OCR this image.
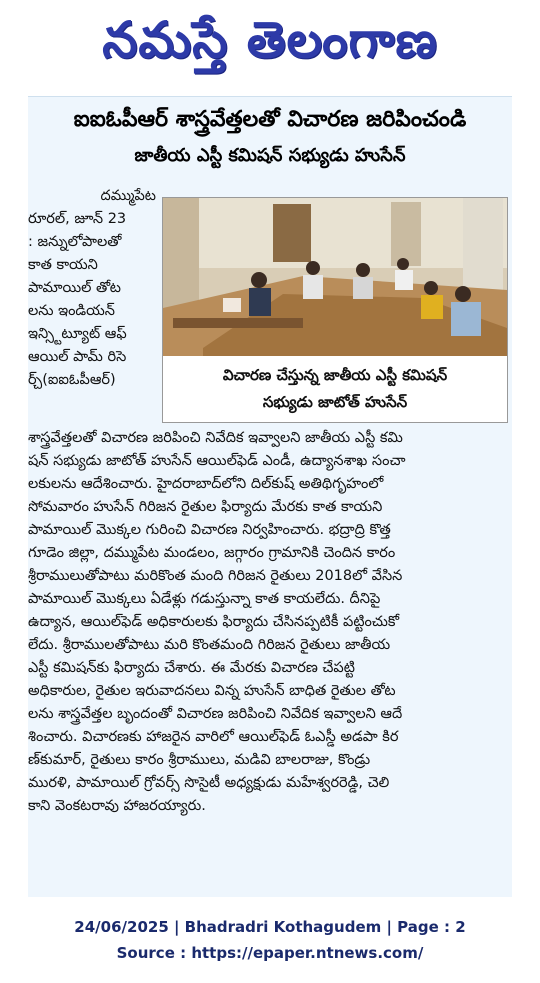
నమస్తే తెలంగాణ
ఐఐఓపీఆర్ శాస్త్రవేత్తలతో విచారణ జరిపించండి
జాతీయ ఎస్టీ కమిషన్ సభ్యుడు హుసేన్
దమ్ముపేట
రూరల్, జూన్ 23
: జన్నులోపాలతో
కాత కాయని
పామాయిల్ తోట
లను ఇండియన్
ఇన్స్టిట్యూట్ ఆఫ్
ఆయిల్ పామ్ రిసె
ర్చ్(ఐఐఓపీఆర్)	విచారణ చేస్తున్న జాతీయ ఎస్టీ కమిషన్
సభ్యుడు జాటోత్ హుసేన్
శాస్త్రవేత్తలతో విచారణ జరిపించి నివేదిక ఇవ్వాలని జాతీయ ఎస్టీ కమి
షన్ సభ్యుడు జాటోత్ హుసేన్ ఆయిల్‌ఫెడ్ ఎండీ, ఉద్యానశాఖ సంచా
లకులను ఆదేశించారు. హైదరాబాద్‌లోని దిల్‌కుష్ అతిథిగృహంలో
సోమవారం హుసేన్ గిరిజన రైతుల ఫిర్యాదు మేరకు కాత కాయని
పామాయిల్ మొక్కల గురించి విచారణ నిర్వహించారు. భద్రాద్రి కొత్త
గూడెం జిల్లా, దమ్ముపేట మండలం, జగ్గారం గ్రామానికి చెందిన కారం
శ్రీరాములుతోపాటు మరికొంత మంది గిరిజన రైతులు 2018లో వేసిన
పామాయిల్ మొక్కలు ఏడేళ్లు గడుస్తున్నా కాత కాయలేదు. దీనిపై
ఉద్యాన, ఆయిల్‌ఫెడ్ అధికారులకు ఫిర్యాదు చేసినప్పటికీ పట్టించుకో
లేదు. శ్రీరాములతోపాటు మరి కొంతమంది గిరిజన రైతులు జాతీయ
ఎస్టీ కమిషన్‌కు ఫిర్యాదు చేశారు. ఈ మేరకు విచారణ చేపట్టి
అధికారుల, రైతుల ఇరువాదనలు విన్న హుసేన్ బాధిత రైతుల తోట
లను శాస్త్రవేత్తల బృందంతో విచారణ జరిపించి నివేదిక ఇవ్వాలని ఆదే
శించారు. విచారణకు హాజరైన వారిలో ఆయిల్‌ఫెడ్ ఓఎస్డీ అడపా కిర
ణ్‌కుమార్, రైతులు కారం శ్రీరాములు, మడివి బాలరాజు, కొండ్రు
మురళి, పామాయిల్ గ్రోవర్స్ సొసైటీ అధ్యక్షుడు మహేశ్వరరెడ్డి, చెలి
కాని వెంకటరావు హాజరయ్యారు.
24/06/2025 | Bhadradri Kothagudem | Page : 2
Source : https://epaper.ntnews.com/
